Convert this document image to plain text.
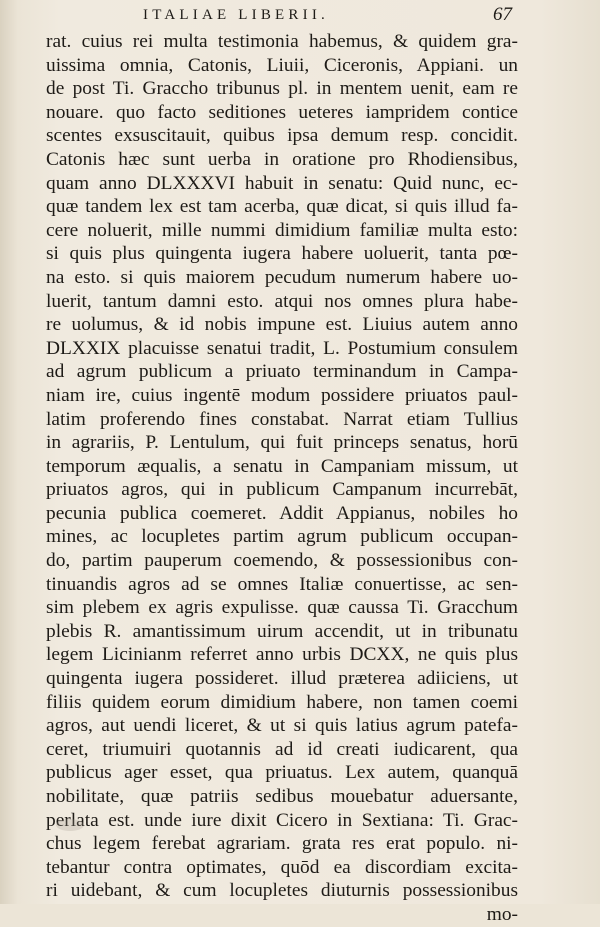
ITALIAE LIBERII.	67
rat. cuius rei multa testimonia habemus, & quidem gra-
uissima omnia, Catonis, Liuii, Ciceronis, Appiani. un
de post Ti. Graccho tribunus pl. in mentem uenit, eam re
nouare. quo facto seditiones ueteres iampridem contice
scentes exsuscitauit, quibus ipsa demum resp. concidit.
Catonis hæc sunt uerba in oratione pro Rhodiensibus,
quam anno DLXXXVI habuit in senatu: Quid nunc, ec-
quæ tandem lex est tam acerba, quæ dicat, si quis illud fa-
cere noluerit, mille nummi dimidium familiæ multa esto:
si quis plus quingenta iugera habere uoluerit, tanta pœ-
na esto. si quis maiorem pecudum numerum habere uo-
luerit, tantum damni esto. atqui nos omnes plura habe-
re uolumus, & id nobis impune est. Liuius autem anno
DLXXIX placuisse senatui tradit, L. Postumium consulem
ad agrum publicum a priuato terminandum in Campa-
niam ire, cuius ingentē modum possidere priuatos paul-
latim proferendo fines constabat. Narrat etiam Tullius
in agrariis, P. Lentulum, qui fuit princeps senatus, horū
temporum æqualis, a senatu in Campaniam missum, ut
priuatos agros, qui in publicum Campanum incurrebāt,
pecunia publica coemeret. Addit Appianus, nobiles ho
mines, ac locupletes partim agrum publicum occupan-
do, partim pauperum coemendo, & possessionibus con-
tinuandis agros ad se omnes Italiæ conuertisse, ac sen-
sim plebem ex agris expulisse. quæ caussa Ti. Gracchum
plebis R. amantissimum uirum accendit, ut in tribunatu
legem Licinianm referret anno urbis DCXX, ne quis plus
quingenta iugera possideret. illud præterea adiiciens, ut
filiis quidem eorum dimidium habere, non tamen coemi
agros, aut uendi liceret, & ut si quis latius agrum patefa-
ceret, triumuiri quotannis ad id creati iudicarent, qua
publicus ager esset, qua priuatus. Lex autem, quanquā
nobilitate, quæ patriis sedibus mouebatur aduersante,
perlata est. unde iure dixit Cicero in Sextiana: Ti. Grac-
chus legem ferebat agrariam. grata res erat populo. ni-
tebantur contra optimates, quōd ea discordiam excita-
ri uidebant, & cum locupletes diuturnis possessionibus
mo-
